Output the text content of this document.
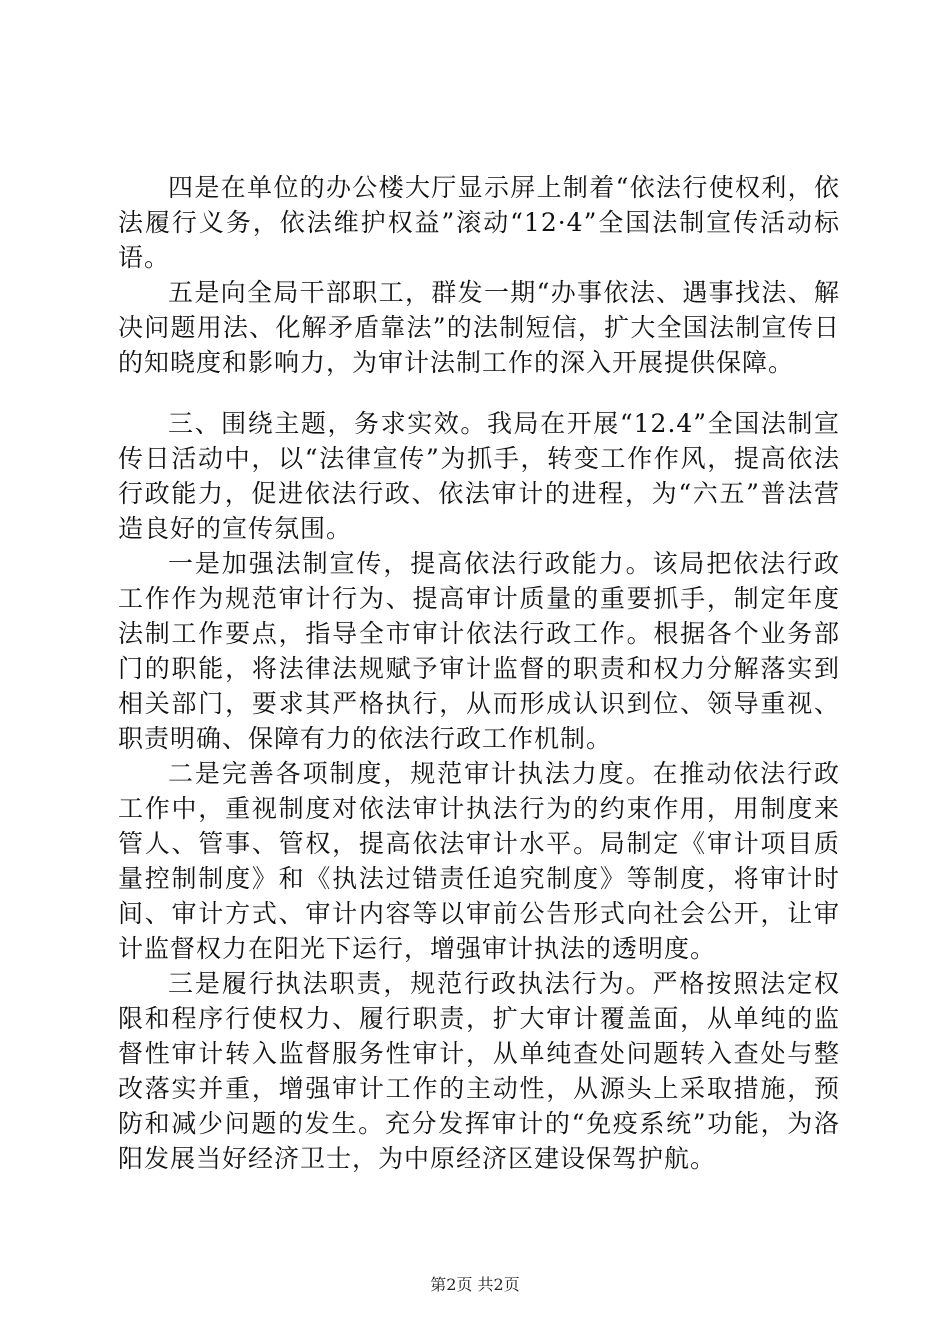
四是在单位的办公楼大厅显示屏上制着“依法行使权利，依法履行义务，依法维护权益”滚动“12·4”全国法制宣传活动标语。

五是向全局干部职工，群发一期“办事依法、遇事找法、解决问题用法、化解矛盾靠法”的法制短信，扩大全国法制宣传日的知晓度和影响力，为审计法制工作的深入开展提供保障。

三、围绕主题，务求实效。我局在开展“12.4”全国法制宣传日活动中，以“法律宣传”为抓手，转变工作作风，提高依法行政能力，促进依法行政、依法审计的进程，为“六五”普法营造良好的宣传氛围。

一是加强法制宣传，提高依法行政能力。该局把依法行政工作作为规范审计行为、提高审计质量的重要抓手，制定年度法制工作要点，指导全市审计依法行政工作。根据各个业务部门的职能，将法律法规赋予审计监督的职责和权力分解落实到相关部门，要求其严格执行，从而形成认识到位、领导重视、职责明确、保障有力的依法行政工作机制。

二是完善各项制度，规范审计执法力度。在推动依法行政工作中，重视制度对依法审计执法行为的约束作用，用制度来管人、管事、管权，提高依法审计水平。局制定《审计项目质量控制制度》和《执法过错责任追究制度》等制度，将审计时间、审计方式、审计内容等以审前公告形式向社会公开，让审计监督权力在阳光下运行，增强审计执法的透明度。

三是履行执法职责，规范行政执法行为。严格按照法定权限和程序行使权力、履行职责，扩大审计覆盖面，从单纯的监督性审计转入监督服务性审计，从单纯查处问题转入查处与整改落实并重，增强审计工作的主动性，从源头上采取措施，预防和减少问题的发生。充分发挥审计的“免疫系统”功能，为洛阳发展当好经济卫士，为中原经济区建设保驾护航。

第2页 共2页
